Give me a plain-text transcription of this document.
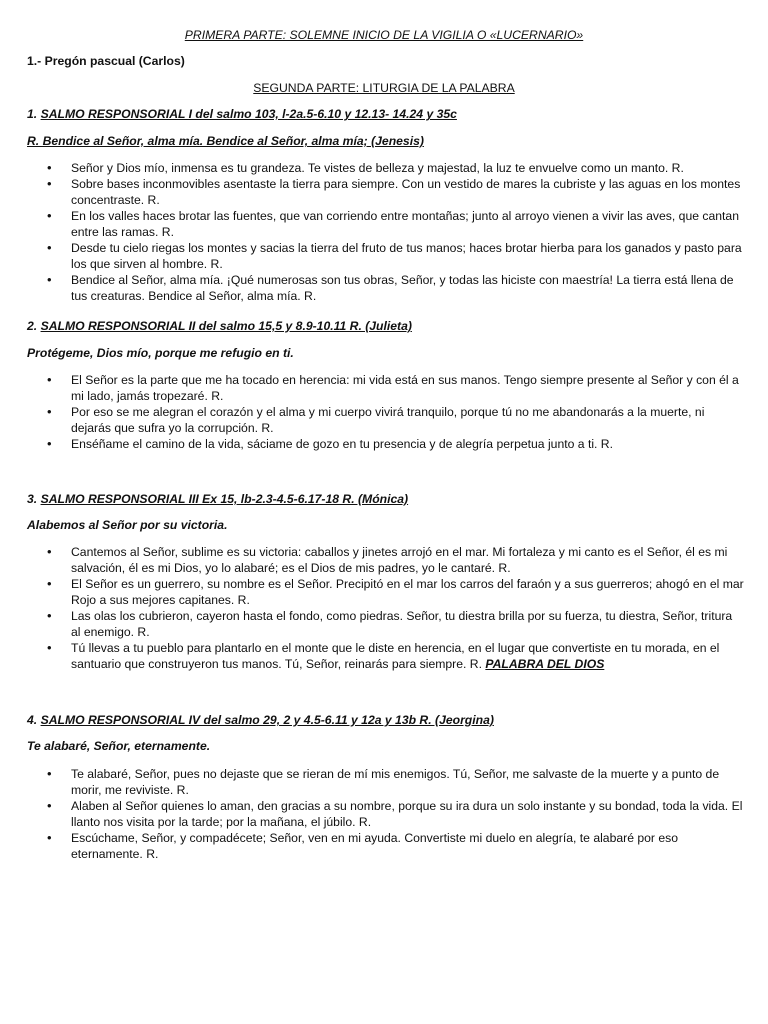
PRIMERA PARTE: SOLEMNE INICIO DE LA VIGILIA O «LUCERNARIO»
1.- Pregón pascual (Carlos)
SEGUNDA PARTE: LITURGIA DE LA PALABRA
1. SALMO RESPONSORIAL I del salmo 103, l-2a.5-6.10 y 12.13- 14.24 y 35c
R. Bendice al Señor, alma mía. Bendice al Señor, alma mía; (Jenesis)
• Señor y Dios mío, inmensa es tu grandeza. Te vistes de belleza y majestad, la luz te envuelve como un manto. R.
• Sobre bases inconmovibles asentaste la tierra para siempre. Con un vestido de mares la cubriste y las aguas en los montes concentraste. R.
• En los valles haces brotar las fuentes, que van corriendo entre montañas; junto al arroyo vienen a vivir las aves, que cantan entre las ramas. R.
• Desde tu cielo riegas los montes y sacias la tierra del fruto de tus manos; haces brotar hierba para los ganados y pasto para los que sirven al hombre. R.
• Bendice al Señor, alma mía. ¡Qué numerosas son tus obras, Señor, y todas las hiciste con maestría! La tierra está llena de tus creaturas. Bendice al Señor, alma mía. R.
2. SALMO RESPONSORIAL II del salmo 15,5 y 8.9-10.11 R. (Julieta)
Protégeme, Dios mío, porque me refugio en ti.
• El Señor es la parte que me ha tocado en herencia: mi vida está en sus manos. Tengo siempre presente al Señor y con él a mi lado, jamás tropezaré. R.
• Por eso se me alegran el corazón y el alma y mi cuerpo vivirá tranquilo, porque tú no me abandonarás a la muerte, ni dejarás que sufra yo la corrupción. R.
• Enséñame el camino de la vida, sáciame de gozo en tu presencia y de alegría perpetua junto a ti. R.
3. SALMO RESPONSORIAL III Ex 15, lb-2.3-4.5-6.17-18 R. (Mónica)
Alabemos al Señor por su victoria.
• Cantemos al Señor, sublime es su victoria: caballos y jinetes arrojó en el mar. Mi fortaleza y mi canto es el Señor, él es mi salvación, él es mi Dios, yo lo alabaré; es el Dios de mis padres, yo le cantaré. R.
• El Señor es un guerrero, su nombre es el Señor. Precipitó en el mar los carros del faraón y a sus guerreros; ahogó en el mar Rojo a sus mejores capitanes. R.
• Las olas los cubrieron, cayeron hasta el fondo, como piedras. Señor, tu diestra brilla por su fuerza, tu diestra, Señor, tritura al enemigo. R.
• Tú llevas a tu pueblo para plantarlo en el monte que le diste en herencia, en el lugar que convertiste en tu morada, en el santuario que construyeron tus manos. Tú, Señor, reinarás para siempre. R. PALABRA DEL DIOS
4. SALMO RESPONSORIAL IV del salmo 29, 2 y 4.5-6.11 y 12a y 13b R. (Jeorgina)
Te alabaré, Señor, eternamente.
• Te alabaré, Señor, pues no dejaste que se rieran de mí mis enemigos. Tú, Señor, me salvaste de la muerte y a punto de morir, me reviviste. R.
• Alaben al Señor quienes lo aman, den gracias a su nombre, porque su ira dura un solo instante y su bondad, toda la vida. El llanto nos visita por la tarde; por la mañana, el júbilo. R.
• Escúchame, Señor, y compadécete; Señor, ven en mi ayuda. Convertiste mi duelo en alegría, te alabaré por eso eternamente. R.
